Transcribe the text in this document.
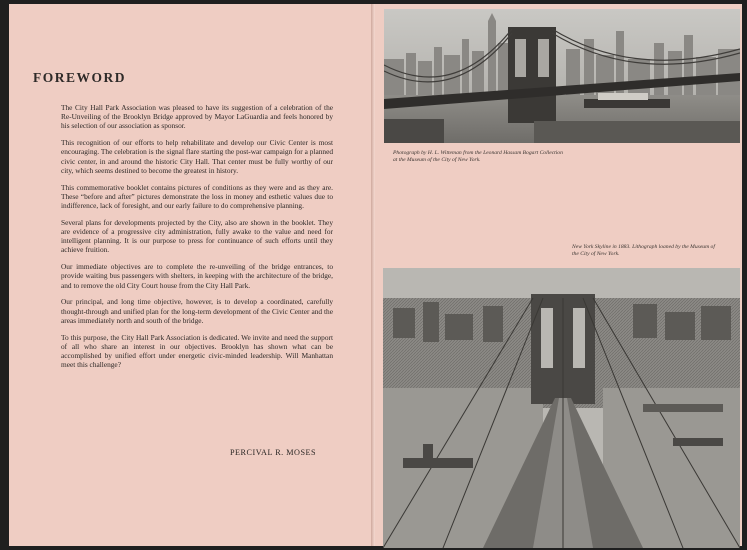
FOREWORD

The City Hall Park Association was pleased to have its suggestion of a celebration of the Re-Unveiling of the Brooklyn Bridge approved by Mayor LaGuardia and feels honored by his selection of our association as sponsor.

This recognition of our efforts to help rehabilitate and develop our Civic Center is most encouraging. The celebration is the signal flare starting the post-war campaign for a planned civic center, in and around the historic City Hall. That center must be fully worthy of our city, which seems destined to become the greatest in history.

This commemorative booklet contains pictures of conditions as they were and as they are. These “before and after” pictures demonstrate the loss in money and esthetic values due to indifference, lack of foresight, and our early failure to do comprehensive planning.

Several plans for developments projected by the City, also are shown in the booklet. They are evidence of a progressive city administration, fully awake to the value and need for intelligent planning. It is our purpose to press for continuance of such efforts until they achieve fruition.

Our immediate objectives are to complete the re-unveiling of the bridge entrances, to provide waiting bus passengers with shelters, in keeping with the architecture of the bridge, and to remove the old City Court house from the City Hall Park.

Our principal, and long time objective, however, is to develop a coordinated, carefully thought-through and unified plan for the long-term development of the Civic Center and the areas immediately north and south of the bridge.

To this purpose, the City Hall Park Association is dedicated. We invite and need the support of all who share an interest in our objectives. Brooklyn has shown what can be accomplished by unified effort under energetic civic-minded leadership. Will Manhattan meet this challenge?

PERCIVAL R. MOSES
Photograph by H. L. Witteman from the Leonard Hassam Bogart Collection at the Museum of the City of New York.
New York Skyline in 1883. Lithograph loaned by the Museum of the City of New York.
